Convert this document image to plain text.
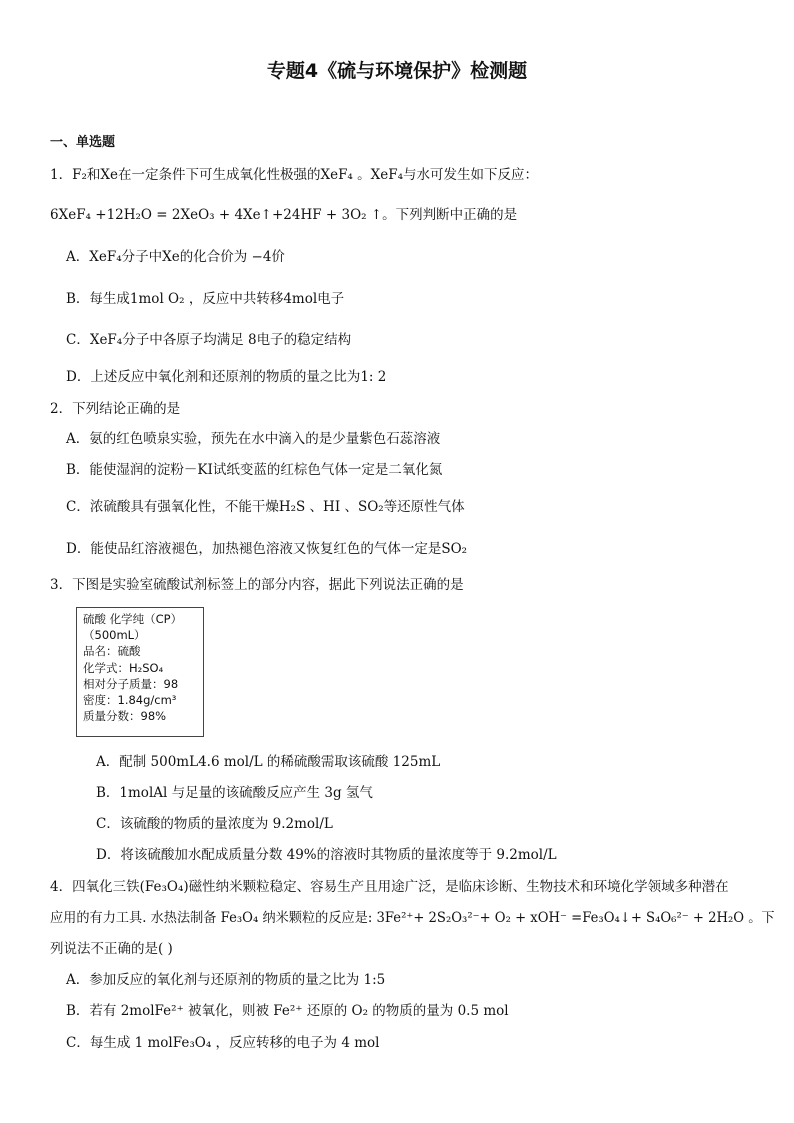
专题4《硫与环境保护》检测题
一、单选题
1．F₂和Xe在一定条件下可生成氧化性极强的XeF₄ 。XeF₄与水可发生如下反应：
6XeF₄ +12H₂O = 2XeO₃ + 4Xe↑+24HF + 3O₂ ↑。下列判断中正确的是
A．XeF₄分子中Xe的化合价为 −4价
B．每生成1mol O₂ ，反应中共转移4mol电子
C．XeF₄分子中各原子均满足 8电子的稳定结构
D．上述反应中氧化剂和还原剂的物质的量之比为1: 2
2．下列结论正确的是
A．氨的红色喷泉实验，预先在水中滴入的是少量紫色石蕊溶液
B．能使湿润的淀粉－KI试纸变蓝的红棕色气体一定是二氧化氮
C．浓硫酸具有强氧化性，不能干燥H₂S 、HI 、SO₂等还原性气体
D．能使品红溶液褪色，加热褪色溶液又恢复红色的气体一定是SO₂
3．下图是实验室硫酸试剂标签上的部分内容，据此下列说法正确的是
硫酸 化学纯（CP）
（500mL）
品名：硫酸
化学式：H₂SO₄
相对分子质量：98
密度：1.84g/cm³
质量分数：98%
A．配制 500mL4.6 mol/L 的稀硫酸需取该硫酸 125mL
B．1molAl 与足量的该硫酸反应产生 3g 氢气
C．该硫酸的物质的量浓度为 9.2mol/L
D．将该硫酸加水配成质量分数 49%的溶液时其物质的量浓度等于 9.2mol/L
4．四氧化三铁(Fe₃O₄)磁性纳米颗粒稳定、容易生产且用途广泛，是临床诊断、生物技术和环境化学领域多种潜在
应用的有力工具. 水热法制备 Fe₃O₄ 纳米颗粒的反应是: 3Fe²⁺+ 2S₂O₃²⁻+ O₂ + xOH⁻ =Fe₃O₄↓+ S₄O₆²⁻ + 2H₂O 。下
列说法不正确的是( )
A．参加反应的氧化剂与还原剂的物质的量之比为 1:5
B．若有 2molFe²⁺ 被氧化，则被 Fe²⁺ 还原的 O₂ 的物质的量为 0.5 mol
C．每生成 1 molFe₃O₄ ，反应转移的电子为 4 mol
